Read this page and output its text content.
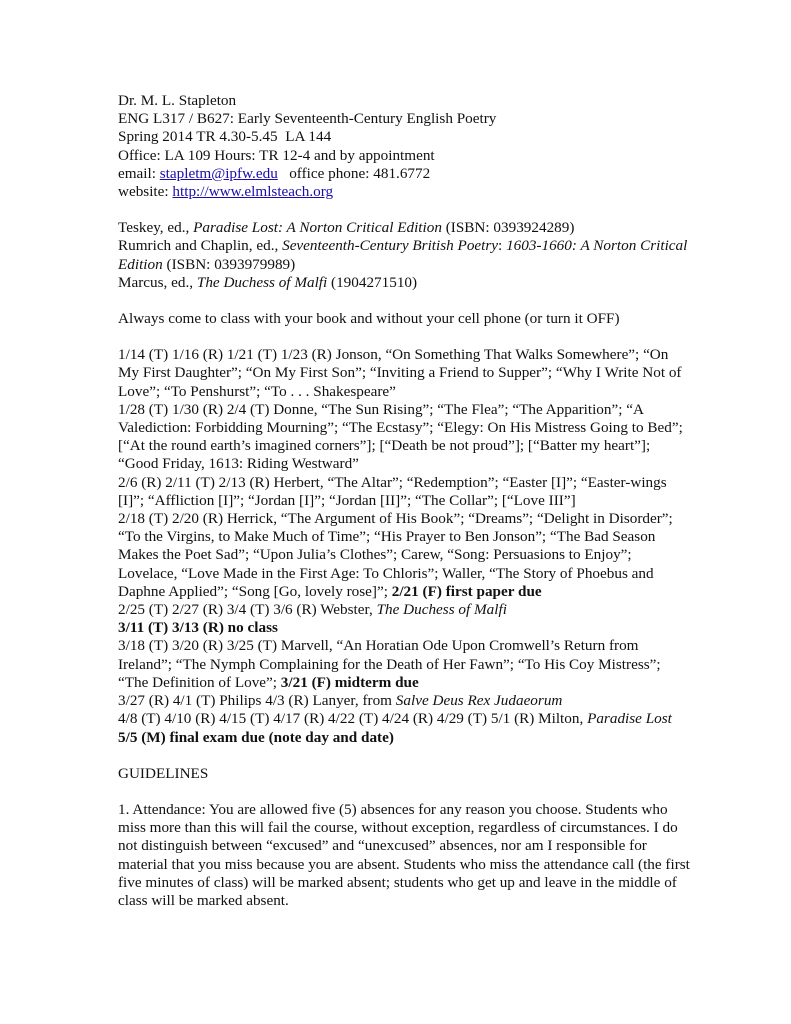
Dr. M. L. Stapleton
ENG L317 / B627: Early Seventeenth-Century English Poetry
Spring 2014 TR 4.30-5.45  LA 144
Office: LA 109 Hours: TR 12-4 and by appointment
email: stapletm@ipfw.edu   office phone: 481.6772
website: http://www.elmlsteach.org
Teskey, ed., Paradise Lost: A Norton Critical Edition (ISBN: 0393924289)
Rumrich and Chaplin, ed., Seventeenth-Century British Poetry: 1603-1660: A Norton Critical Edition (ISBN: 0393979989)
Marcus, ed., The Duchess of Malfi (1904271510)
Always come to class with your book and without your cell phone (or turn it OFF)
1/14 (T) 1/16 (R) 1/21 (T) 1/23 (R) Jonson, “On Something That Walks Somewhere”; “On My First Daughter”; “On My First Son”; “Inviting a Friend to Supper”; “Why I Write Not of Love”; “To Penshurst”; “To . . . Shakespeare”
1/28 (T) 1/30 (R) 2/4 (T) Donne, “The Sun Rising”; “The Flea”; “The Apparition”; “A Valediction: Forbidding Mourning”; “The Ecstasy”; “Elegy: On His Mistress Going to Bed”; [“At the round earth’s imagined corners”]; [“Death be not proud”]; [“Batter my heart”]; “Good Friday, 1613: Riding Westward”
2/6 (R) 2/11 (T) 2/13 (R) Herbert, “The Altar”; “Redemption”; “Easter [I]”; “Easter-wings [I]”; “Affliction [I]”; “Jordan [I]”; “Jordan [II]”; “The Collar”; [“Love III”]
2/18 (T) 2/20 (R) Herrick, “The Argument of His Book”; “Dreams”; “Delight in Disorder”; “To the Virgins, to Make Much of Time”; “His Prayer to Ben Jonson”; “The Bad Season Makes the Poet Sad”; “Upon Julia’s Clothes”; Carew, “Song: Persuasions to Enjoy”; Lovelace, “Love Made in the First Age: To Chloris”; Waller, “The Story of Phoebus and Daphne Applied”; “Song [Go, lovely rose]”; 2/21 (F) first paper due
2/25 (T) 2/27 (R) 3/4 (T) 3/6 (R) Webster, The Duchess of Malfi
3/11 (T) 3/13 (R) no class
3/18 (T) 3/20 (R) 3/25 (T) Marvell, “An Horatian Ode Upon Cromwell’s Return from Ireland”; “The Nymph Complaining for the Death of Her Fawn”; “To His Coy Mistress”; “The Definition of Love”; 3/21 (F) midterm due
3/27 (R) 4/1 (T) Philips 4/3 (R) Lanyer, from Salve Deus Rex Judaeorum
4/8 (T) 4/10 (R) 4/15 (T) 4/17 (R) 4/22 (T) 4/24 (R) 4/29 (T) 5/1 (R) Milton, Paradise Lost
5/5 (M) final exam due (note day and date)
GUIDELINES
1. Attendance: You are allowed five (5) absences for any reason you choose. Students who miss more than this will fail the course, without exception, regardless of circumstances. I do not distinguish between “excused” and “unexcused” absences, nor am I responsible for material that you miss because you are absent. Students who miss the attendance call (the first five minutes of class) will be marked absent; students who get up and leave in the middle of class will be marked absent.
